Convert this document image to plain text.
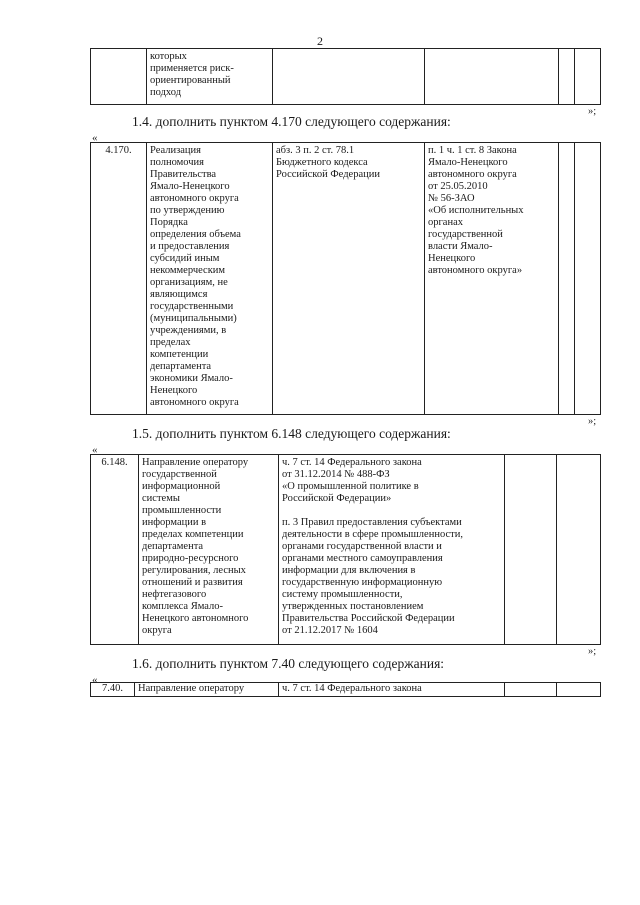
2
	которых
применяется риск-
ориентированный
подход				
»;
1.4. дополнить пунктом 4.170 следующего содержания:
«
4.170.	Реализация
полномочия
Правительства
Ямало-Ненецкого
автономного округа
по утверждению
Порядка
определения объема
и предоставления
субсидий иным
некоммерческим
организациям, не
являющимся
государственными
(муниципальными)
учреждениями, в
пределах
компетенции
департамента
экономики Ямало-
Ненецкого
автономного округа	абз. 3 п. 2 ст. 78.1
Бюджетного кодекса
Российской Федерации	п. 1 ч. 1 ст. 8 Закона
Ямало-Ненецкого
автономного округа
от 25.05.2010
№ 56-ЗАО
«Об исполнительных
органах
государственной
власти Ямало-
Ненецкого
автономного округа»		
»;
1.5. дополнить пунктом 6.148 следующего содержания:
«
6.148.	Направление оператору
государственной
информационной
системы
промышленности
информации в
пределах компетенции
департамента
природно-ресурсного
регулирования, лесных
отношений и развития
нефтегазового
комплекса Ямало-
Ненецкого автономного
округа	ч. 7 ст. 14 Федерального закона
от 31.12.2014 № 488-ФЗ
«О промышленной политике в
Российской Федерации»

п. 3 Правил предоставления субъектами
деятельности в сфере промышленности,
органами государственной власти и
органами местного самоуправления
информации для включения в
государственную информационную
систему промышленности,
утвержденных постановлением
Правительства Российской Федерации
от 21.12.2017 № 1604		
»;
1.6. дополнить пунктом 7.40 следующего содержания:
«
7.40.	Направление оператору	ч. 7 ст. 14 Федерального закона		
